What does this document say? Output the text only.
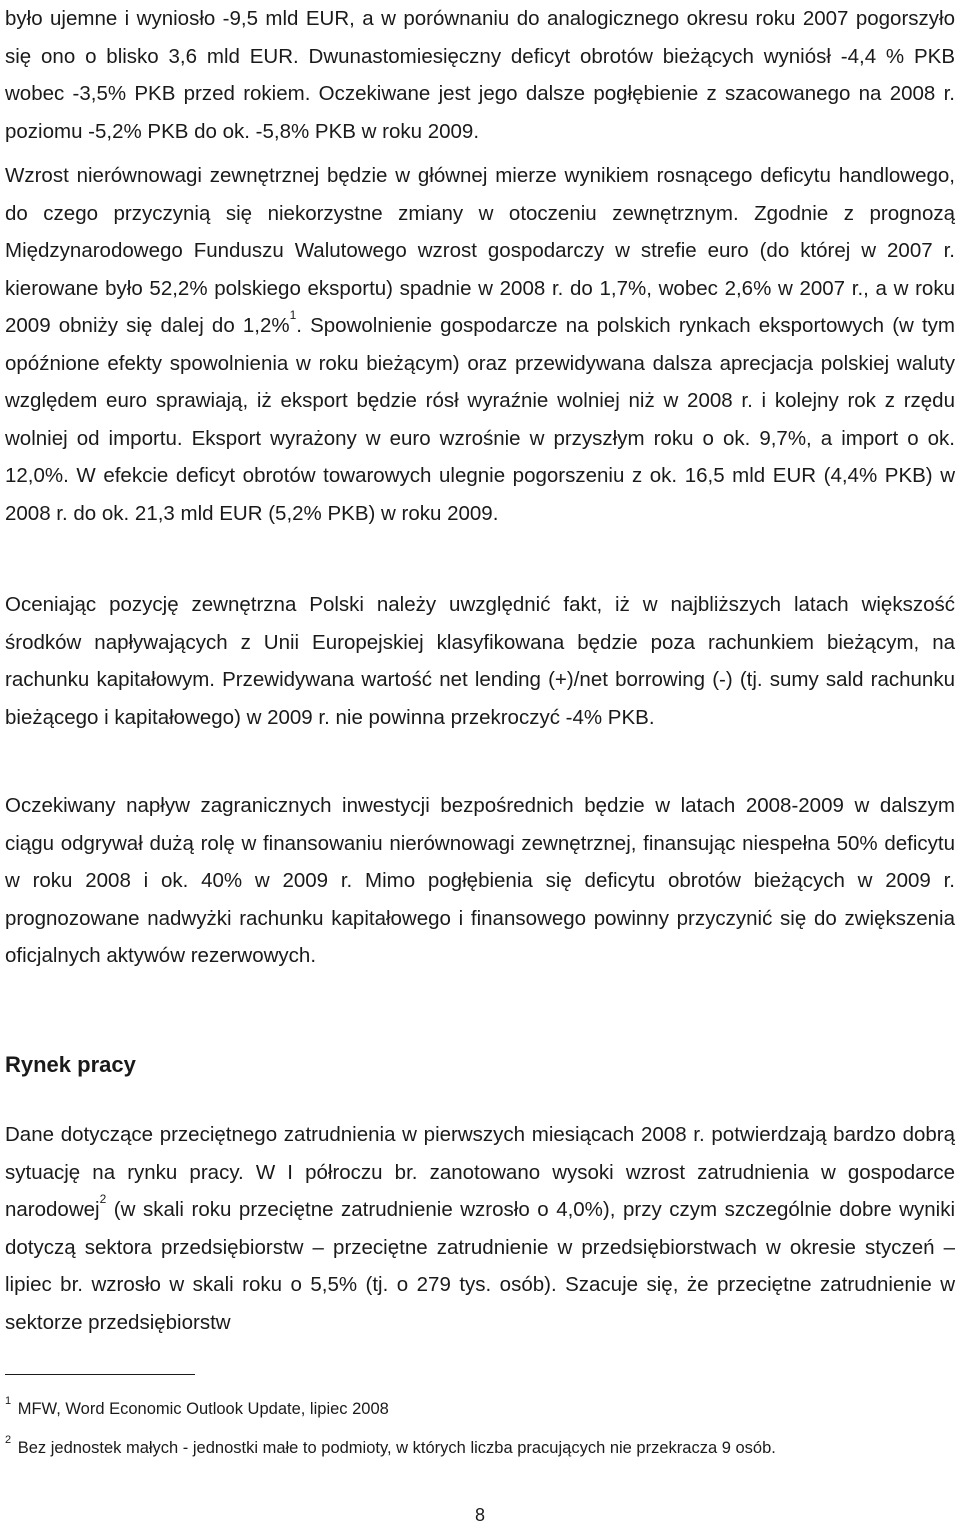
było ujemne i wyniosło -9,5 mld EUR, a w porównaniu do analogicznego okresu roku 2007 pogorszyło się ono o blisko 3,6 mld EUR. Dwunastomiesięczny deficyt obrotów bieżących wyniósł -4,4 % PKB wobec -3,5% PKB przed rokiem. Oczekiwane jest jego dalsze pogłębienie z szacowanego na 2008 r. poziomu -5,2% PKB do ok. -5,8% PKB w roku 2009.

Wzrost nierównowagi zewnętrznej będzie w głównej mierze wynikiem rosnącego deficytu handlowego, do czego przyczynią się niekorzystne zmiany w otoczeniu zewnętrznym. Zgodnie z prognozą Międzynarodowego Funduszu Walutowego wzrost gospodarczy w strefie euro (do której w 2007 r. kierowane było 52,2% polskiego eksportu) spadnie w 2008 r. do 1,7%, wobec 2,6% w 2007 r., a w roku 2009 obniży się dalej do 1,2%$^1$. Spowolnienie gospodarcze na polskich rynkach eksportowych (w tym opóźnione efekty spowolnienia w roku bieżącym) oraz przewidywana dalsza aprecjacja polskiej waluty względem euro sprawiają, iż eksport będzie rósł wyraźnie wolniej niż w 2008 r. i kolejny rok z rzędu wolniej od importu. Eksport wyrażony w euro wzrośnie w przyszłym roku o ok. 9,7%, a import o ok. 12,0%. W efekcie deficyt obrotów towarowych ulegnie pogorszeniu z ok. 16,5 mld EUR (4,4% PKB) w 2008 r. do ok. 21,3 mld EUR (5,2% PKB) w roku 2009.

Oceniając pozycję zewnętrzna Polski należy uwzględnić fakt, iż w najbliższych latach większość środków napływających z Unii Europejskiej klasyfikowana będzie poza rachunkiem bieżącym, na rachunku kapitałowym. Przewidywana wartość net lending (+)/net borrowing (-) (tj. sumy sald rachunku bieżącego i kapitałowego) w 2009 r. nie powinna przekroczyć -4% PKB.

Oczekiwany napływ zagranicznych inwestycji bezpośrednich będzie w latach 2008-2009 w dalszym ciągu odgrywał dużą rolę w finansowaniu nierównowagi zewnętrznej, finansując niespełna 50% deficytu w roku 2008 i ok. 40% w 2009 r. Mimo pogłębienia się deficytu obrotów bieżących w 2009 r. prognozowane nadwyżki rachunku kapitałowego i finansowego powinny przyczynić się do zwiększenia oficjalnych aktywów rezerwowych.

Rynek pracy

Dane dotyczące przeciętnego zatrudnienia w pierwszych miesiącach 2008 r. potwierdzają bardzo dobrą sytuację na rynku pracy. W I półroczu br. zanotowano wysoki wzrost zatrudnienia w gospodarce narodowej$^2$ (w skali roku przeciętne zatrudnienie wzrosło o 4,0%), przy czym szczególnie dobre wyniki dotyczą sektora przedsiębiorstw – przeciętne zatrudnienie w przedsiębiorstwach w okresie styczeń – lipiec br. wzrosło w skali roku o 5,5% (tj. o 279 tys. osób). Szacuje się, że przeciętne zatrudnienie w sektorze przedsiębiorstw

$^1$ MFW, Word Economic Outlook Update, lipiec 2008

$^2$ Bez jednostek małych - jednostki małe to podmioty, w których liczba pracujących nie przekracza 9 osób.

8
